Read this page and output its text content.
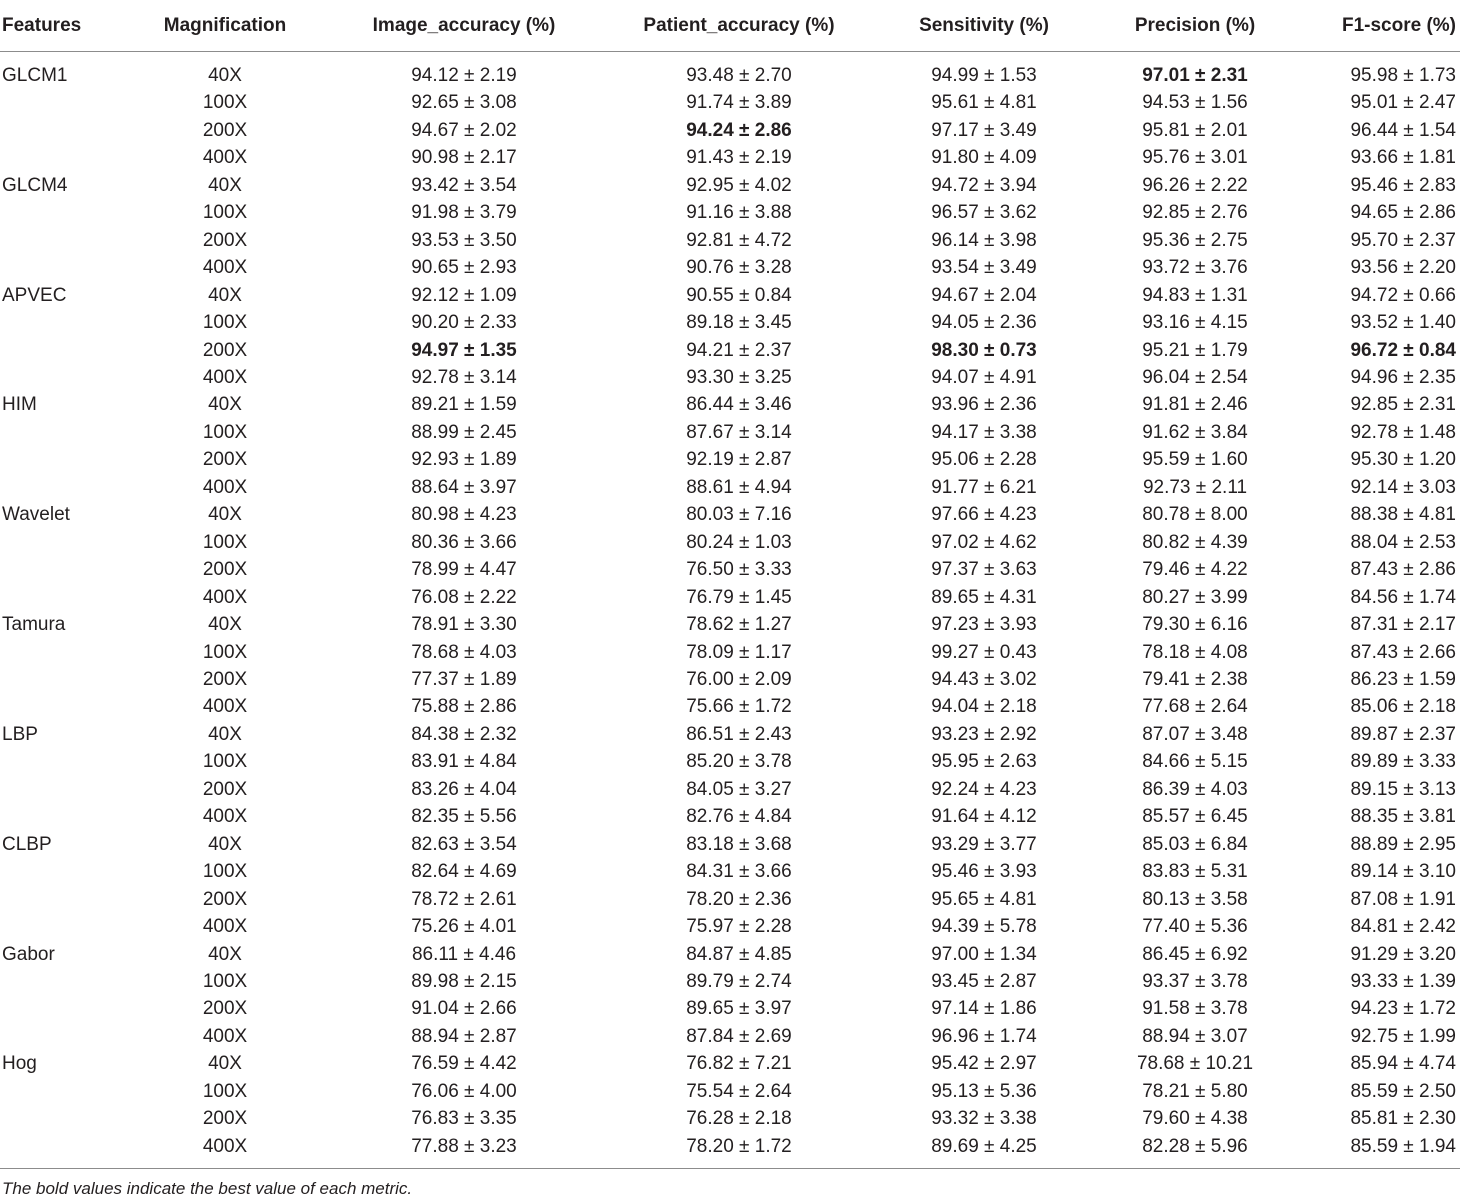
Features	Magnification	Image_accuracy (%)	Patient_accuracy (%)	Sensitivity (%)	Precision (%)	F1-score (%)
GLCM1	40X	94.12 ± 2.19	93.48 ± 2.70	94.99 ± 1.53	97.01 ± 2.31	95.98 ± 1.73
	100X	92.65 ± 3.08	91.74 ± 3.89	95.61 ± 4.81	94.53 ± 1.56	95.01 ± 2.47
	200X	94.67 ± 2.02	94.24 ± 2.86	97.17 ± 3.49	95.81 ± 2.01	96.44 ± 1.54
	400X	90.98 ± 2.17	91.43 ± 2.19	91.80 ± 4.09	95.76 ± 3.01	93.66 ± 1.81
GLCM4	40X	93.42 ± 3.54	92.95 ± 4.02	94.72 ± 3.94	96.26 ± 2.22	95.46 ± 2.83
	100X	91.98 ± 3.79	91.16 ± 3.88	96.57 ± 3.62	92.85 ± 2.76	94.65 ± 2.86
	200X	93.53 ± 3.50	92.81 ± 4.72	96.14 ± 3.98	95.36 ± 2.75	95.70 ± 2.37
	400X	90.65 ± 2.93	90.76 ± 3.28	93.54 ± 3.49	93.72 ± 3.76	93.56 ± 2.20
APVEC	40X	92.12 ± 1.09	90.55 ± 0.84	94.67 ± 2.04	94.83 ± 1.31	94.72 ± 0.66
	100X	90.20 ± 2.33	89.18 ± 3.45	94.05 ± 2.36	93.16 ± 4.15	93.52 ± 1.40
	200X	94.97 ± 1.35	94.21 ± 2.37	98.30 ± 0.73	95.21 ± 1.79	96.72 ± 0.84
	400X	92.78 ± 3.14	93.30 ± 3.25	94.07 ± 4.91	96.04 ± 2.54	94.96 ± 2.35
HIM	40X	89.21 ± 1.59	86.44 ± 3.46	93.96 ± 2.36	91.81 ± 2.46	92.85 ± 2.31
	100X	88.99 ± 2.45	87.67 ± 3.14	94.17 ± 3.38	91.62 ± 3.84	92.78 ± 1.48
	200X	92.93 ± 1.89	92.19 ± 2.87	95.06 ± 2.28	95.59 ± 1.60	95.30 ± 1.20
	400X	88.64 ± 3.97	88.61 ± 4.94	91.77 ± 6.21	92.73 ± 2.11	92.14 ± 3.03
Wavelet	40X	80.98 ± 4.23	80.03 ± 7.16	97.66 ± 4.23	80.78 ± 8.00	88.38 ± 4.81
	100X	80.36 ± 3.66	80.24 ± 1.03	97.02 ± 4.62	80.82 ± 4.39	88.04 ± 2.53
	200X	78.99 ± 4.47	76.50 ± 3.33	97.37 ± 3.63	79.46 ± 4.22	87.43 ± 2.86
	400X	76.08 ± 2.22	76.79 ± 1.45	89.65 ± 4.31	80.27 ± 3.99	84.56 ± 1.74
Tamura	40X	78.91 ± 3.30	78.62 ± 1.27	97.23 ± 3.93	79.30 ± 6.16	87.31 ± 2.17
	100X	78.68 ± 4.03	78.09 ± 1.17	99.27 ± 0.43	78.18 ± 4.08	87.43 ± 2.66
	200X	77.37 ± 1.89	76.00 ± 2.09	94.43 ± 3.02	79.41 ± 2.38	86.23 ± 1.59
	400X	75.88 ± 2.86	75.66 ± 1.72	94.04 ± 2.18	77.68 ± 2.64	85.06 ± 2.18
LBP	40X	84.38 ± 2.32	86.51 ± 2.43	93.23 ± 2.92	87.07 ± 3.48	89.87 ± 2.37
	100X	83.91 ± 4.84	85.20 ± 3.78	95.95 ± 2.63	84.66 ± 5.15	89.89 ± 3.33
	200X	83.26 ± 4.04	84.05 ± 3.27	92.24 ± 4.23	86.39 ± 4.03	89.15 ± 3.13
	400X	82.35 ± 5.56	82.76 ± 4.84	91.64 ± 4.12	85.57 ± 6.45	88.35 ± 3.81
CLBP	40X	82.63 ± 3.54	83.18 ± 3.68	93.29 ± 3.77	85.03 ± 6.84	88.89 ± 2.95
	100X	82.64 ± 4.69	84.31 ± 3.66	95.46 ± 3.93	83.83 ± 5.31	89.14 ± 3.10
	200X	78.72 ± 2.61	78.20 ± 2.36	95.65 ± 4.81	80.13 ± 3.58	87.08 ± 1.91
	400X	75.26 ± 4.01	75.97 ± 2.28	94.39 ± 5.78	77.40 ± 5.36	84.81 ± 2.42
Gabor	40X	86.11 ± 4.46	84.87 ± 4.85	97.00 ± 1.34	86.45 ± 6.92	91.29 ± 3.20
	100X	89.98 ± 2.15	89.79 ± 2.74	93.45 ± 2.87	93.37 ± 3.78	93.33 ± 1.39
	200X	91.04 ± 2.66	89.65 ± 3.97	97.14 ± 1.86	91.58 ± 3.78	94.23 ± 1.72
	400X	88.94 ± 2.87	87.84 ± 2.69	96.96 ± 1.74	88.94 ± 3.07	92.75 ± 1.99
Hog	40X	76.59 ± 4.42	76.82 ± 7.21	95.42 ± 2.97	78.68 ± 10.21	85.94 ± 4.74
	100X	76.06 ± 4.00	75.54 ± 2.64	95.13 ± 5.36	78.21 ± 5.80	85.59 ± 2.50
	200X	76.83 ± 3.35	76.28 ± 2.18	93.32 ± 3.38	79.60 ± 4.38	85.81 ± 2.30
	400X	77.88 ± 3.23	78.20 ± 1.72	89.69 ± 4.25	82.28 ± 5.96	85.59 ± 1.94
The bold values indicate the best value of each metric.
